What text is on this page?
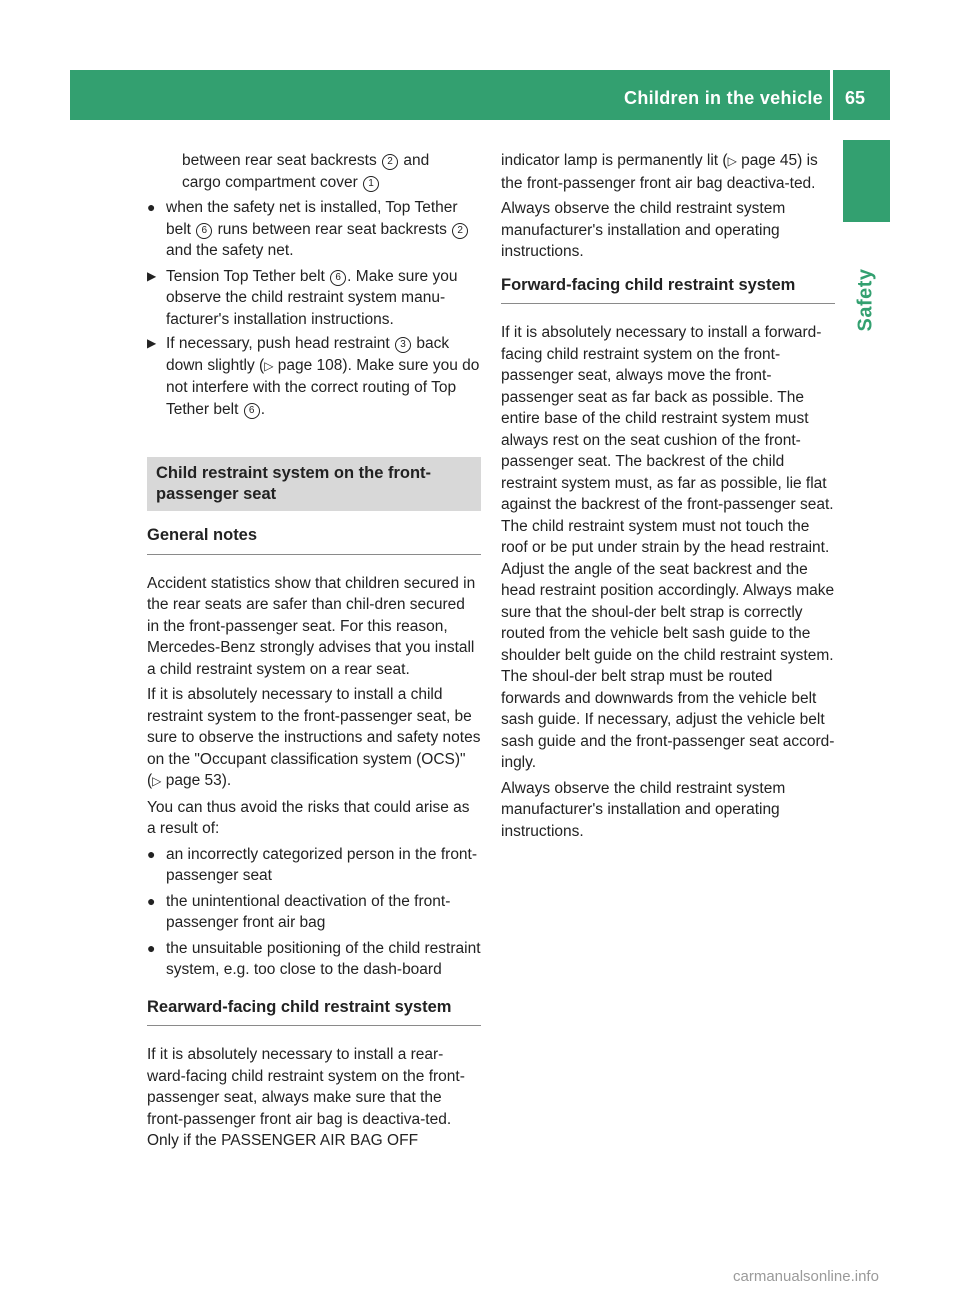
Children in the vehicle 65
Safety
between rear seat backrests 2 and
cargo compartment cover 1
● when the safety net is installed, Top Tether belt 6 runs between rear seat backrests 2 and the safety net.
▶ Tension Top Tether belt 6 . Make sure you observe the child restraint system manu-facturer's installation instructions.
▶ If necessary, push head restraint 3 back down slightly (▷ page 108). Make sure you do not interfere with the correct routing of Top Tether belt 6 .
Child restraint system on the front-passenger seat
General notes
Accident statistics show that children secured in the rear seats are safer than chil-dren secured in the front-passenger seat. For this reason, Mercedes-Benz strongly advises that you install a child restraint system on a rear seat.
If it is absolutely necessary to install a child restraint system to the front-passenger seat, be sure to observe the instructions and safety notes on the "Occupant classification system (OCS)" (▷ page 53).
You can thus avoid the risks that could arise as a result of:
● an incorrectly categorized person in the front-passenger seat
● the unintentional deactivation of the front-passenger front air bag
● the unsuitable positioning of the child restraint system, e.g. too close to the dash-board
Rearward-facing child restraint system
If it is absolutely necessary to install a rear-ward-facing child restraint system on the front-passenger seat, always make sure that the front-passenger front air bag is deactiva-ted. Only if the PASSENGER AIR BAG OFF
indicator lamp is permanently lit (▷ page 45) is the front-passenger front air bag deactiva-ted.
Always observe the child restraint system manufacturer's installation and operating instructions.
Forward-facing child restraint system
If it is absolutely necessary to install a forward-facing child restraint system on the front-passenger seat, always move the front-passenger seat as far back as possible. The entire base of the child restraint system must always rest on the seat cushion of the front-passenger seat. The backrest of the child restraint system must, as far as possible, lie flat against the backrest of the front-passenger seat. The child restraint system must not touch the roof or be put under strain by the head restraint. Adjust the angle of the seat backrest and the head restraint position accordingly. Always make sure that the shoul-der belt strap is correctly routed from the vehicle belt sash guide to the shoulder belt guide on the child restraint system. The shoul-der belt strap must be routed forwards and downwards from the vehicle belt sash guide. If necessary, adjust the vehicle belt sash guide and the front-passenger seat accord-ingly.
Always observe the child restraint system manufacturer's installation and operating instructions.
carmanualsonline.info
